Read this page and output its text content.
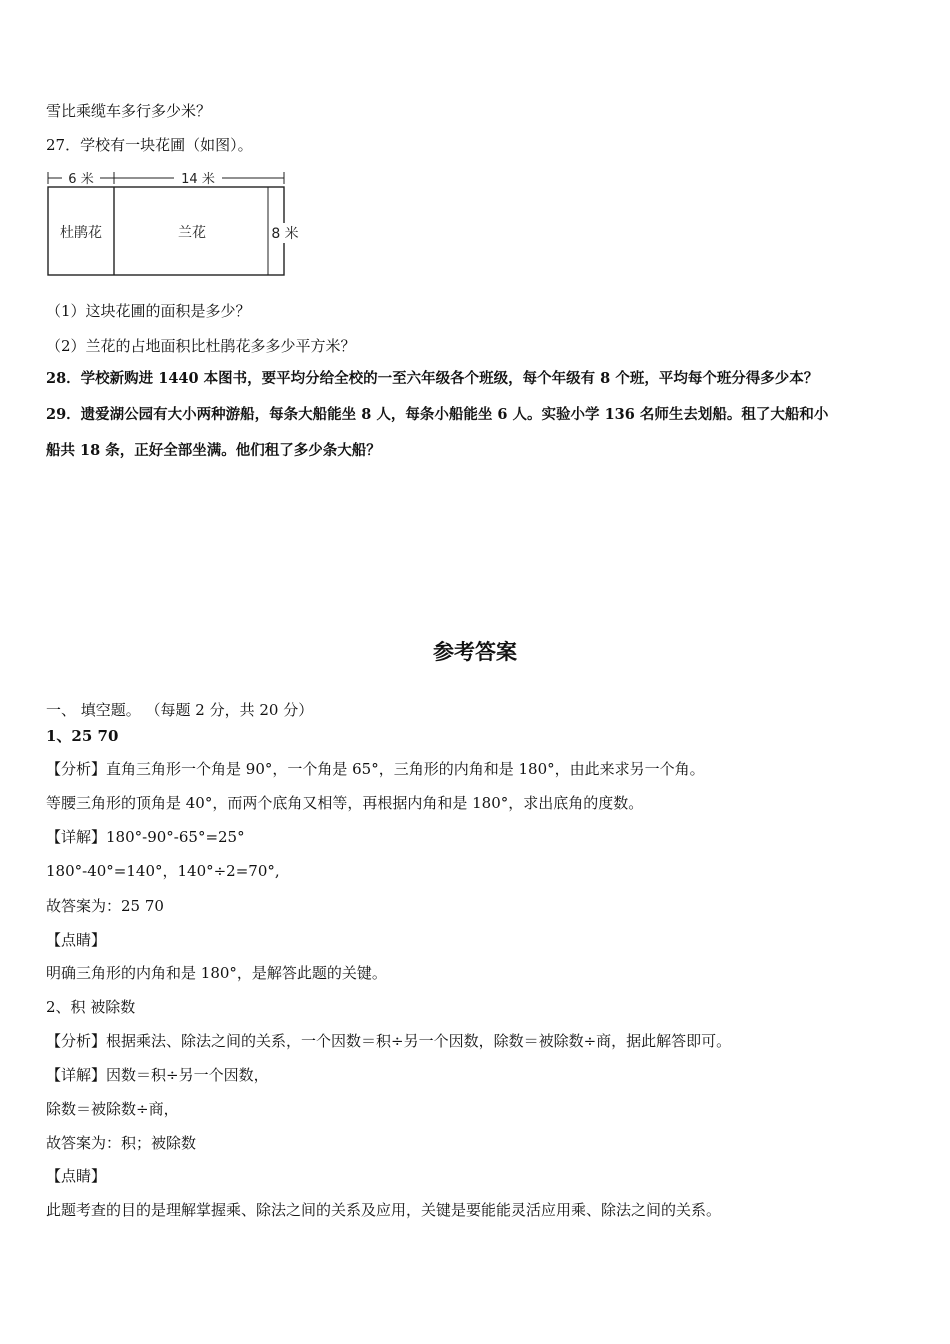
雪比乘缆车多行多少米？
27．学校有一块花圃（如图）。
6 米	14 米
杜鹃花	兰花	8 米
（1）这块花圃的面积是多少？
（2）兰花的占地面积比杜鹃花多多少平方米？
28．学校新购进 1440 本图书，要平均分给全校的一至六年级各个班级，每个年级有 8 个班，平均每个班分得多少本？
29．遗爱湖公园有大小两种游船，每条大船能坐 8 人，每条小船能坐 6 人。实验小学 136 名师生去划船。租了大船和小
船共 18 条，正好全部坐满。他们租了多少条大船？
参考答案
一、 填空题。 （每题 2 分，共 20 分）
1、25 70
【分析】直角三角形一个角是 90°，一个角是 65°，三角形的内角和是 180°，由此来求另一个角。
等腰三角形的顶角是 40°，而两个底角又相等，再根据内角和是 180°，求出底角的度数。
【详解】180°-90°-65°=25°
180°-40°=140°，140°÷2=70°,
故答案为：25 70
【点睛】
明确三角形的内角和是 180°，是解答此题的关键。
2、积 被除数
【分析】根据乘法、除法之间的关系，一个因数＝积÷另一个因数，除数＝被除数÷商，据此解答即可。
【详解】因数＝积÷另一个因数，
除数＝被除数÷商，
故答案为：积；被除数
【点睛】
此题考查的目的是理解掌握乘、除法之间的关系及应用，关键是要能能灵活应用乘、除法之间的关系。
